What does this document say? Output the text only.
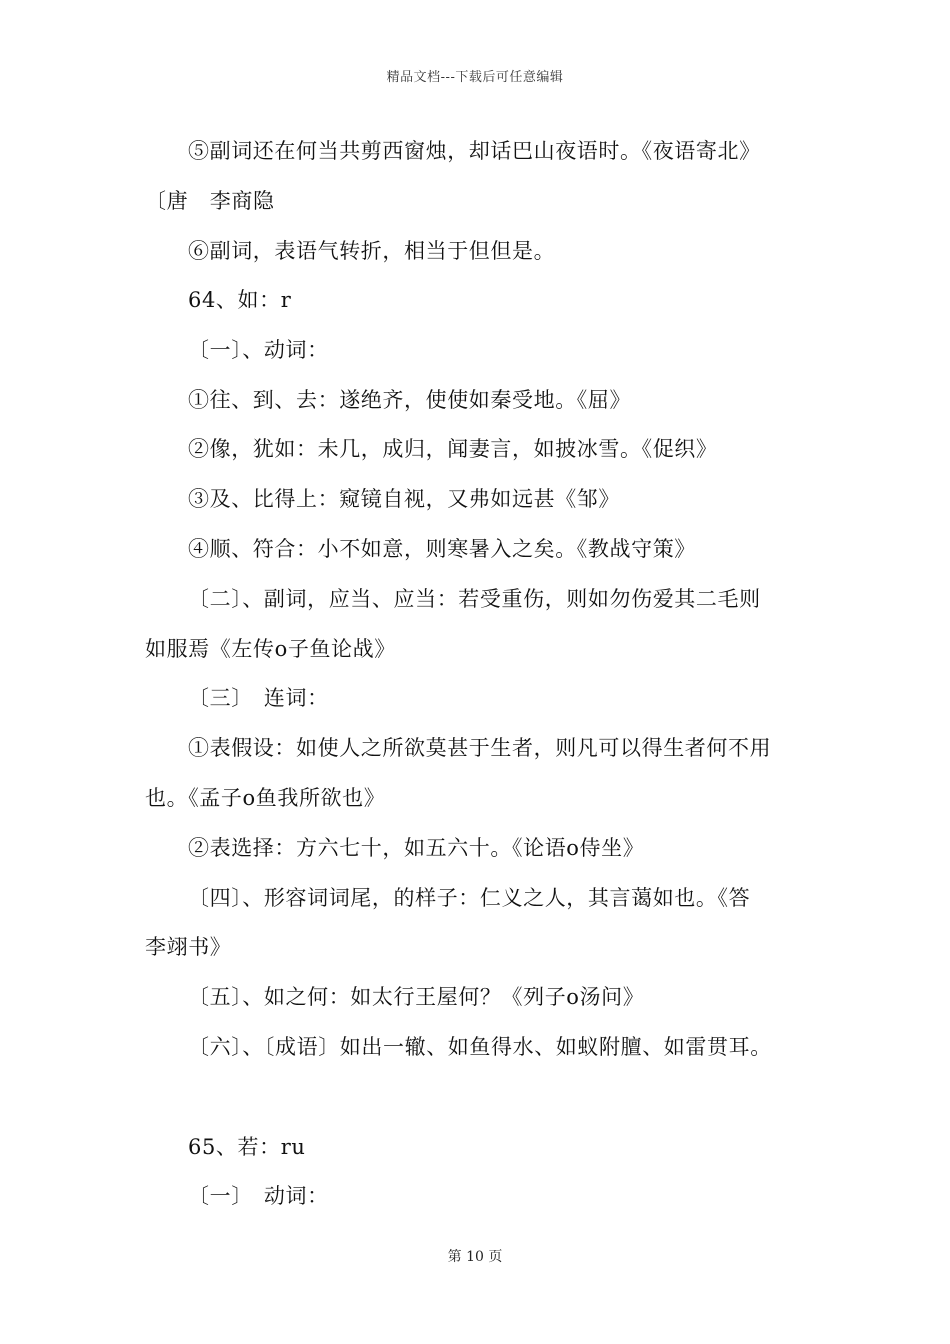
精品文档---下载后可任意编辑
⑤副词还在何当共剪西窗烛，却话巴山夜语时。《夜语寄北》
〔唐　李商隐
⑥副词，表语气转折，相当于但但是。
64、如：r
〔一〕、动词：
①往、到、去：遂绝齐，使使如秦受地。《屈》
②像，犹如：未几，成归，闻妻言，如披冰雪。《促织》
③及、比得上：窥镜自视，又弗如远甚《邹》
④顺、符合：小不如意，则寒暑入之矣。《教战守策》
〔二〕、副词，应当、应当：若受重伤，则如勿伤爱其二毛则
如服焉《左传ο子鱼论战》
〔三〕　连词：
①表假设：如使人之所欲莫甚于生者，则凡可以得生者何不用
也。《孟子ο鱼我所欲也》
②表选择：方六七十，如五六十。《论语ο侍坐》
〔四〕、形容词词尾，的样子：仁义之人，其言蔼如也。《答
李翊书》
〔五〕、如之何：如太行王屋何？《列子ο汤问》
〔六〕、〔成语〕如出一辙、如鱼得水、如蚁附膻、如雷贯耳。
65、若：ru
〔一〕　动词：
第 10 页
